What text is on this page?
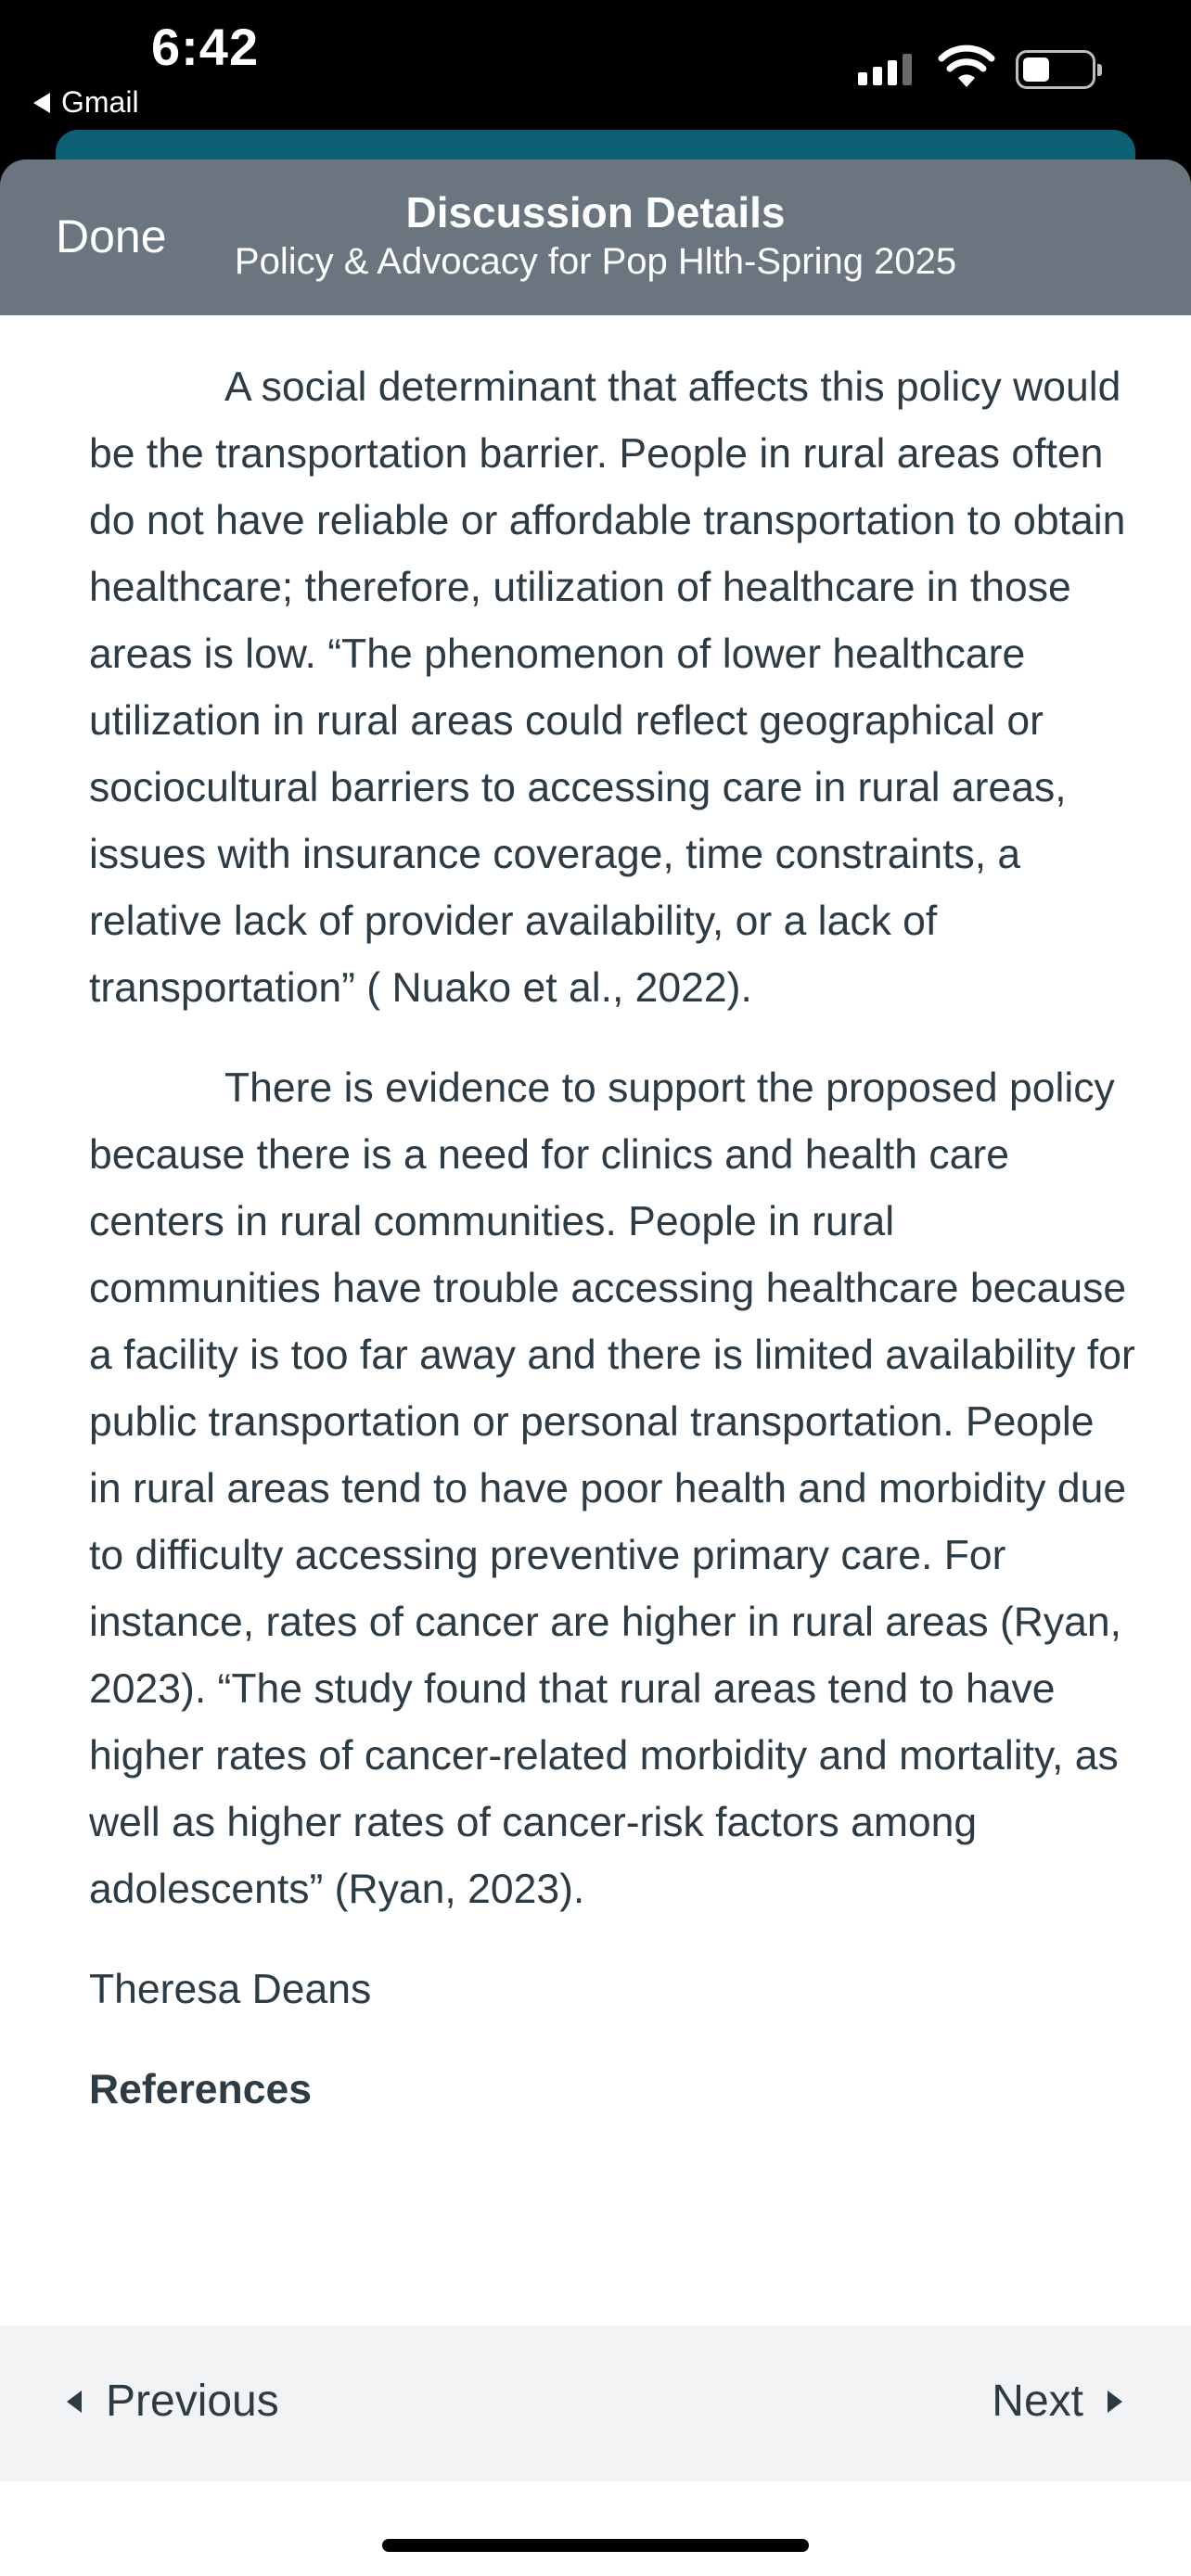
6:42
Gmail
Done	Discussion Details
Policy & Advocacy for Pop Hlth-Spring 2025

A social determinant that affects this policy would be the transportation barrier. People in rural areas often do not have reliable or affordable transportation to obtain healthcare; therefore, utilization of healthcare in those areas is low. “The phenomenon of lower healthcare utilization in rural areas could reflect geographical or sociocultural barriers to accessing care in rural areas, issues with insurance coverage, time constraints, a relative lack of provider availability, or a lack of transportation” ( Nuako et al., 2022).

There is evidence to support the proposed policy because there is a need for clinics and health care centers in rural communities. People in rural communities have trouble accessing healthcare because a facility is too far away and there is limited availability for public transportation or personal transportation. People in rural areas tend to have poor health and morbidity due to difficulty accessing preventive primary care. For instance, rates of cancer are higher in rural areas (Ryan, 2023). “The study found that rural areas tend to have higher rates of cancer-related morbidity and mortality, as well as higher rates of cancer-risk factors among adolescents” (Ryan, 2023).

Theresa Deans
References
Previous	Next
